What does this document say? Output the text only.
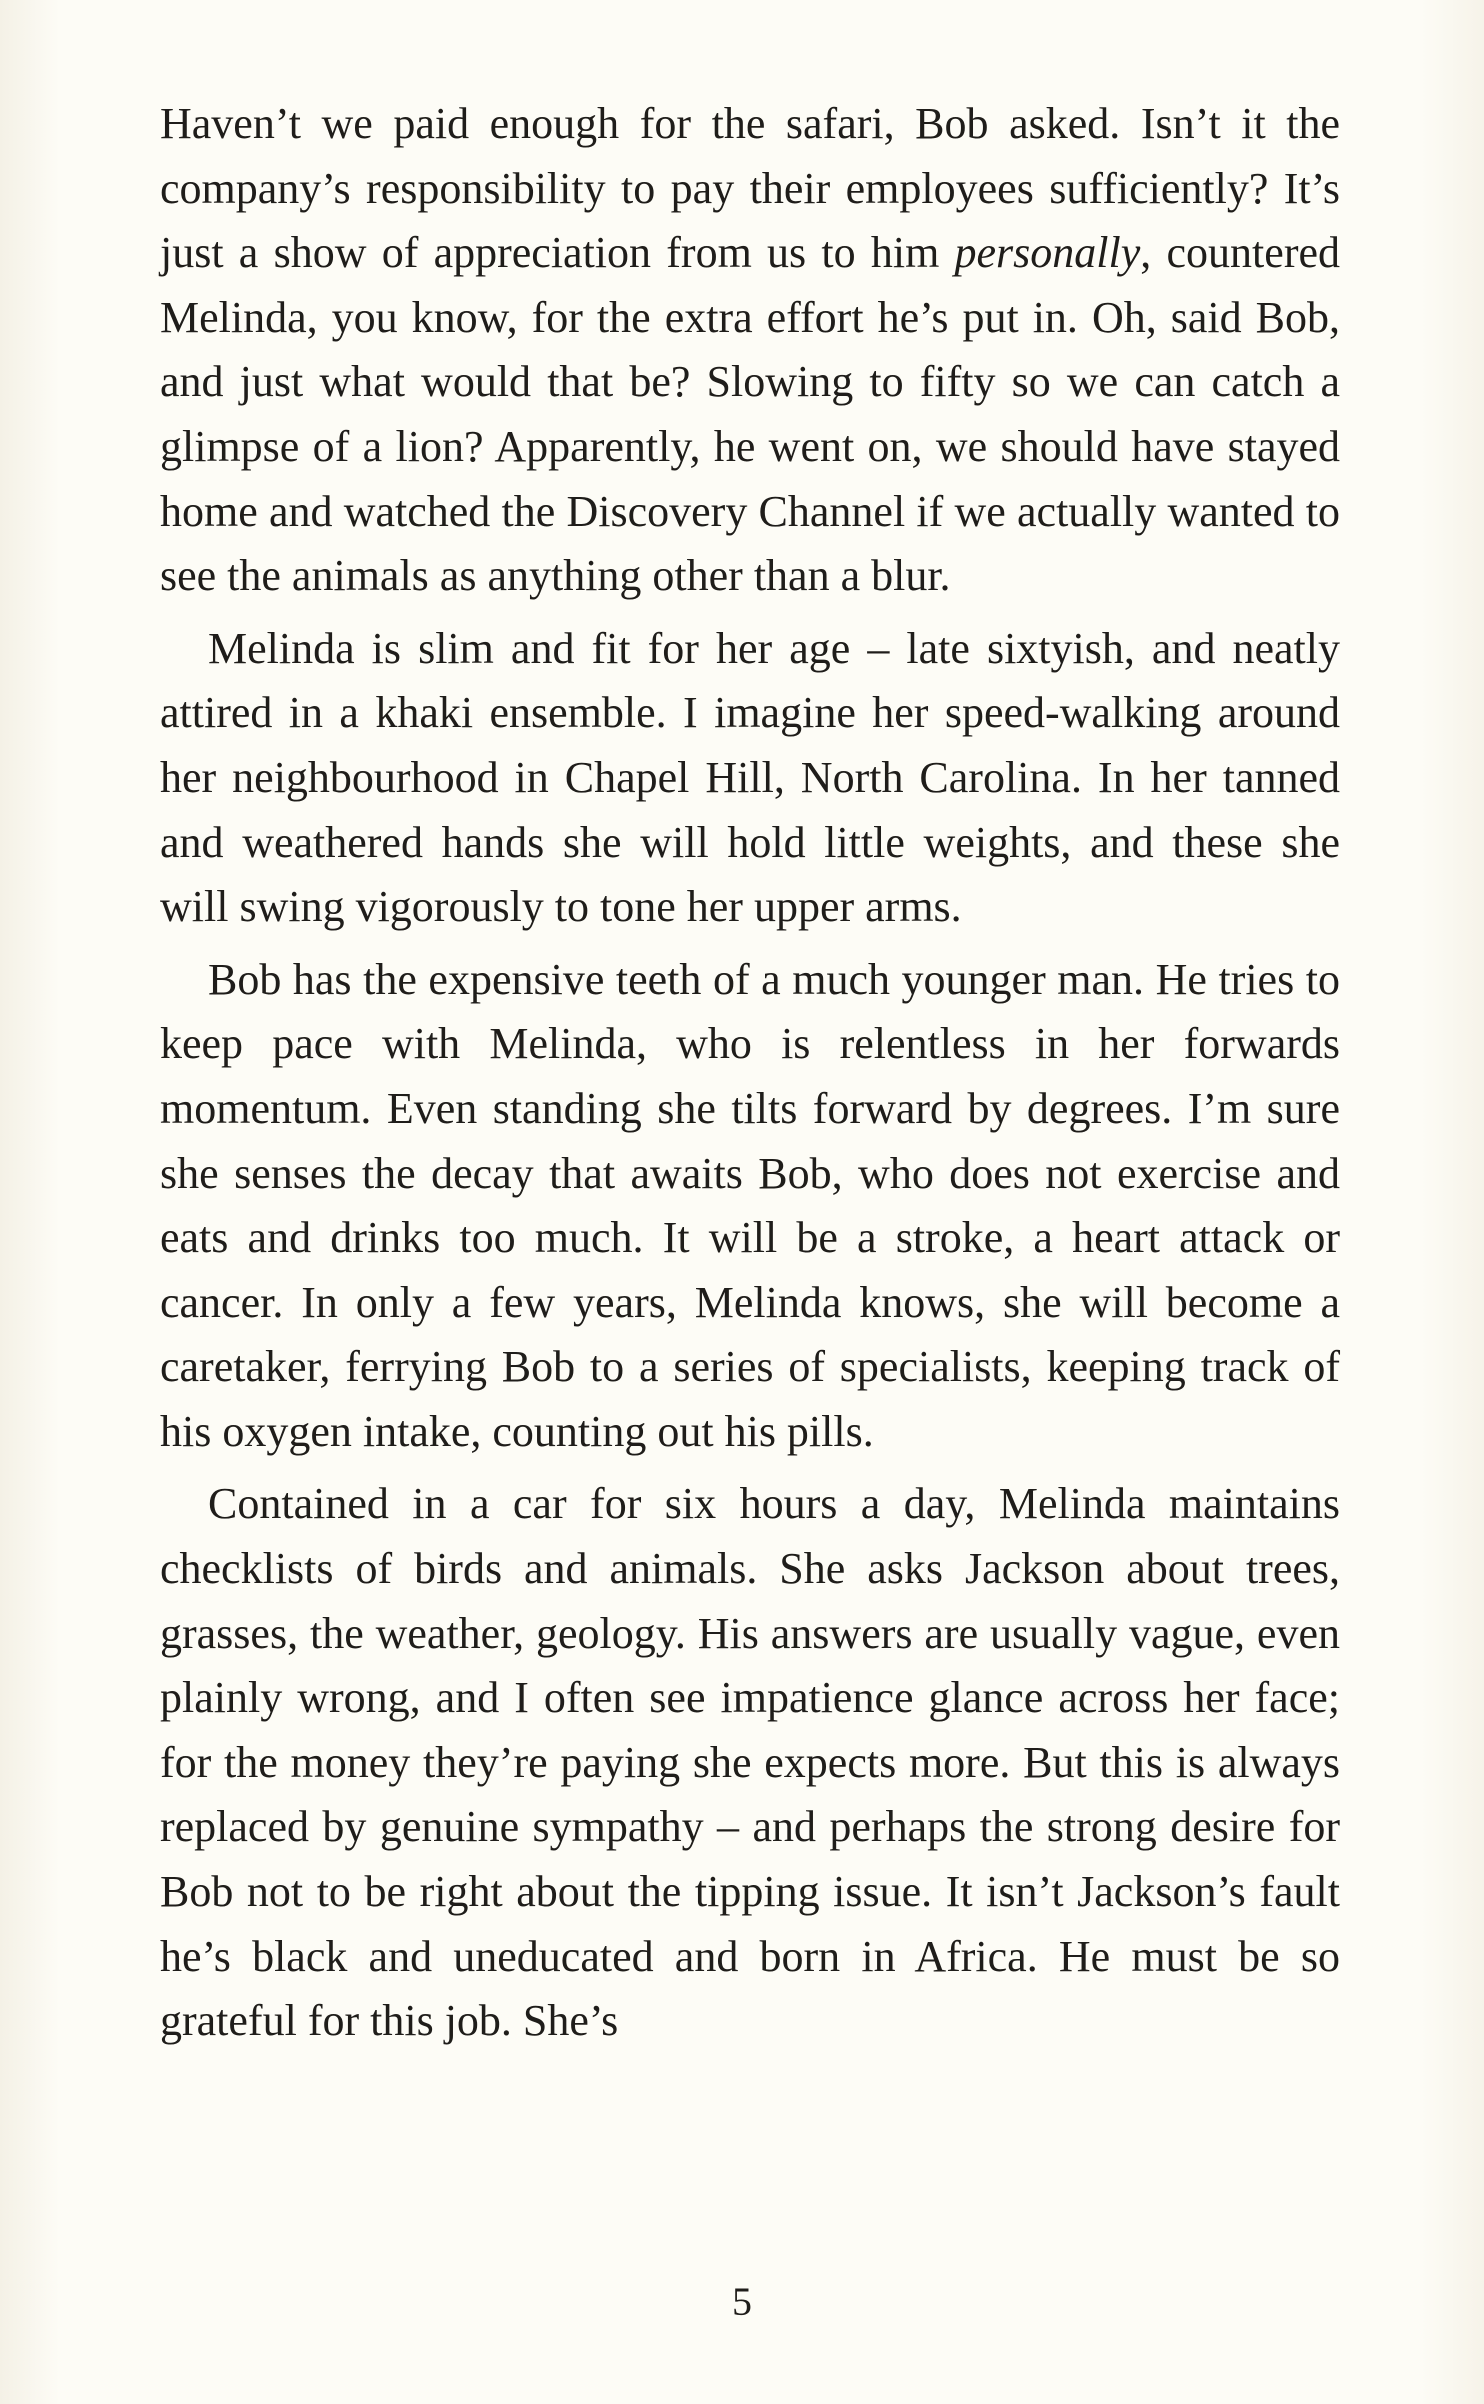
Haven’t we paid enough for the safari, Bob asked. Isn’t it the company’s responsibility to pay their employees sufficiently? It’s just a show of appreciation from us to him personally, countered Melinda, you know, for the extra effort he’s put in. Oh, said Bob, and just what would that be? Slowing to fifty so we can catch a glimpse of a lion? Apparently, he went on, we should have stayed home and watched the Discovery Channel if we actually wanted to see the animals as anything other than a blur.

Melinda is slim and fit for her age – late sixtyish, and neatly attired in a khaki ensemble. I imagine her speed-walking around her neighbourhood in Chapel Hill, North Carolina. In her tanned and weathered hands she will hold little weights, and these she will swing vigorously to tone her upper arms.

Bob has the expensive teeth of a much younger man. He tries to keep pace with Melinda, who is relentless in her forwards momentum. Even standing she tilts forward by degrees. I’m sure she senses the decay that awaits Bob, who does not exercise and eats and drinks too much. It will be a stroke, a heart attack or cancer. In only a few years, Melinda knows, she will become a caretaker, ferrying Bob to a series of specialists, keeping track of his oxygen intake, counting out his pills.

Contained in a car for six hours a day, Melinda maintains checklists of birds and animals. She asks Jackson about trees, grasses, the weather, geology. His answers are usually vague, even plainly wrong, and I often see impatience glance across her face; for the money they’re paying she expects more. But this is always replaced by genuine sympathy – and perhaps the strong desire for Bob not to be right about the tipping issue. It isn’t Jackson’s fault he’s black and uneducated and born in Africa. He must be so grateful for this job. She’s

5
